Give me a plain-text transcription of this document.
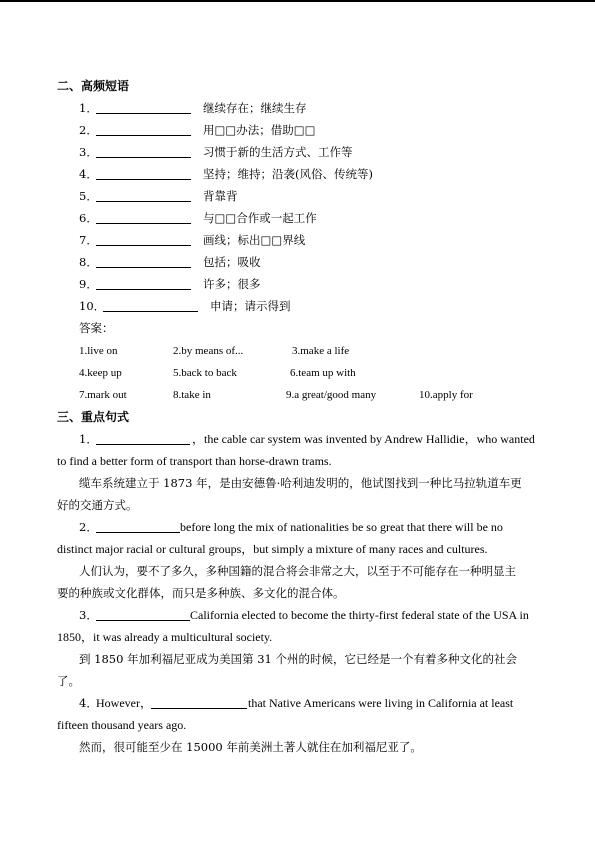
二、高频短语
1．	继续存在；继续生存
2．	用□□办法；借助□□
3．	习惯于新的生活方式、工作等
4．	坚持；维持；沿袭(风俗、传统等)
5．	背靠背
6．	与□□合作或一起工作
7．	画线；标出□□界线
8．	包括；吸收
9．	许多；很多
10．	申请；请示得到
答案：
1.live on	2.by means of...	3.make a life
4.keep up	5.back to back	6.team up with
7.mark out	8.take in	9.a great/good many	10.apply for
三、重点句式
1．	，the cable car system was invented by Andrew Hallidie，who wanted
to find a better form of transport than horse-drawn trams.
缆车系统建立于 1873 年，是由安德鲁·哈利迪发明的，他试图找到一种比马拉轨道车更
好的交通方式。
2．	before long the mix of nationalities be so great that there will be no
distinct major racial or cultural groups，but simply a mixture of many races and cultures.
人们认为，要不了多久，多种国籍的混合将会非常之大，以至于不可能存在一种明显主
要的种族或文化群体，而只是多种族、多文化的混合体。
3．	California elected to become the thirty-first federal state of the USA in
1850，it was already a multicultural society.
到 1850 年加利福尼亚成为美国第 31 个州的时候，它已经是一个有着多种文化的社会
了。
4．
However，	that Native Americans were living in California at least
fifteen thousand years ago.
然而，很可能至少在 15000 年前美洲土著人就住在加利福尼亚了。
